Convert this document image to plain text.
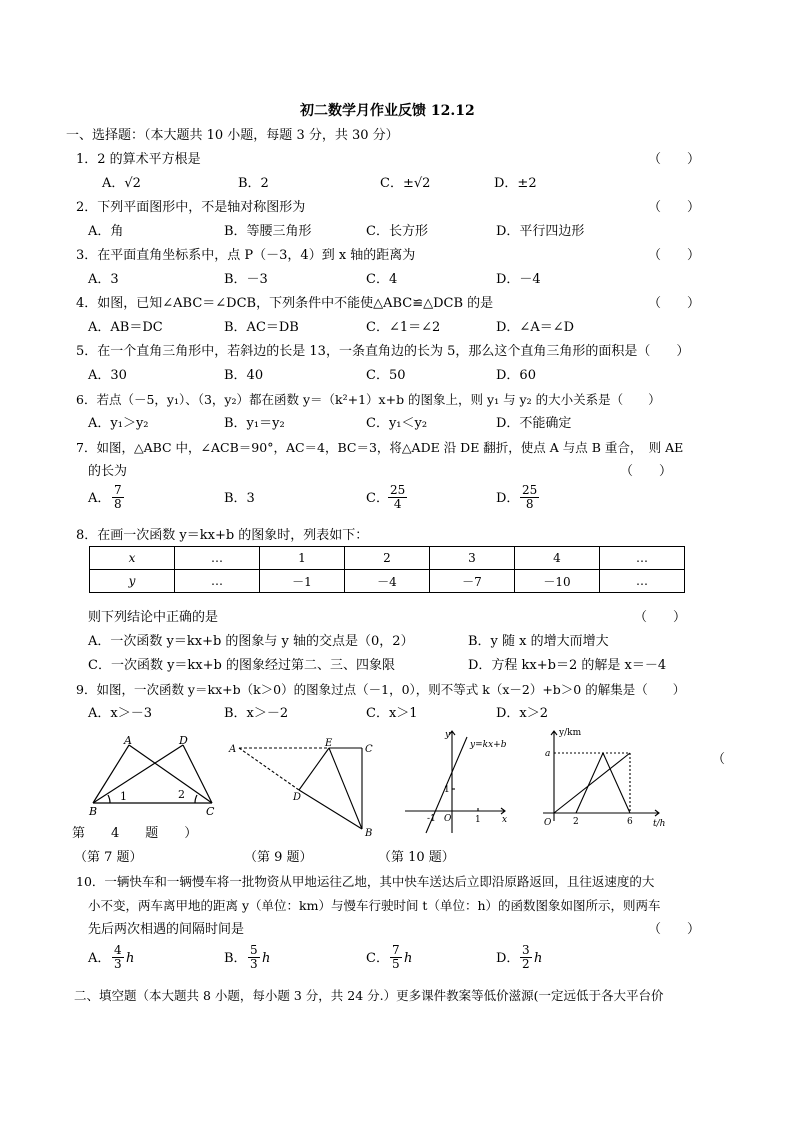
初二数学月作业反馈 12.12
一、选择题：（本大题共 10 小题，每题 3 分，共 30 分）
1．2 的算术平方根是	（　　）
A．√2	B．2	C．±√2	D．±2
2．下列平面图形中，不是轴对称图形为	（　　）
A．角	B．等腰三角形	C．长方形	D．平行四边形
3．在平面直角坐标系中，点 P（－3，4）到 x 轴的距离为	（　　）
A．3	B．－3	C．4	D．－4
4．如图，已知∠ABC＝∠DCB，下列条件中不能使△ABC≌△DCB 的是	（　　）
A．AB＝DC	B．AC＝DB	C．∠1＝∠2	D．∠A＝∠D
5．在一个直角三角形中，若斜边的长是 13，一条直角边的长为 5，那么这个直角三角形的面积是（　　）
A．30	B．40	C．50	D．60
6．若点（－5，y₁）、（3，y₂）都在函数 y＝（k²+1）x+b 的图象上，则 y₁ 与 y₂ 的大小关系是（　　）
A．y₁＞y₂	B．y₁＝y₂	C．y₁＜y₂	D．不能确定
7．如图，△ABC 中，∠ACB＝90°，AC＝4，BC＝3，将△ADE 沿 DE 翻折，使点 A 与点 B 重合，　则 AE
的长为	（　　）
A． $\frac{7}{8}$	B．3	C． $\frac{25}{4}$	D． $\frac{25}{8}$
8．在画一次函数 y＝kx+b 的图象时，列表如下：
x	…	1	2	3	4	…
y	…	－1	－4	－7	－10	…
则下列结论中正确的是	（　　）
A．一次函数 y＝kx+b 的图象与 y 轴的交点是（0，2）	B．y 随 x 的增大而增大
C．一次函数 y＝kx+b 的图象经过第二、三、四象限	D．方程 kx+b＝2 的解是 x＝－4
9．如图，一次函数 y＝kx+b（k＞0）的图象过点（－1，0），则不等式 k（x－2）+b＞0 的解集是（　　）
A．x＞－3	B．x＞－2	C．x＞1	D．x＞2
A	D
B	C
1	2
第　　4　　题　　）
（
A
E
C
D
B
y
y=kx+b
1
-1 O	1 x
y/km
a
O 2	6 t/h
（第 7 题）	（第 9 题）	（第 10 题）
10．一辆快车和一辆慢车将一批物资从甲地运往乙地，其中快车送达后立即沿原路返回，且往返速度的大
小不变，两车离甲地的距离 y（单位：km）与慢车行驶时间 t（单位：h）的函数图象如图所示，则两车
先后两次相遇的间隔时间是	（　　）
A． $\frac{4}{3}$ h	B． $\frac{5}{3}$ h	C． $\frac{7}{5}$ h	D． $\frac{3}{2}$ h
二、填空题（本大题共 8 小题，每小题 3 分，共 24 分.）更多课件教案等低价滋源(一定远低于各大平台价
